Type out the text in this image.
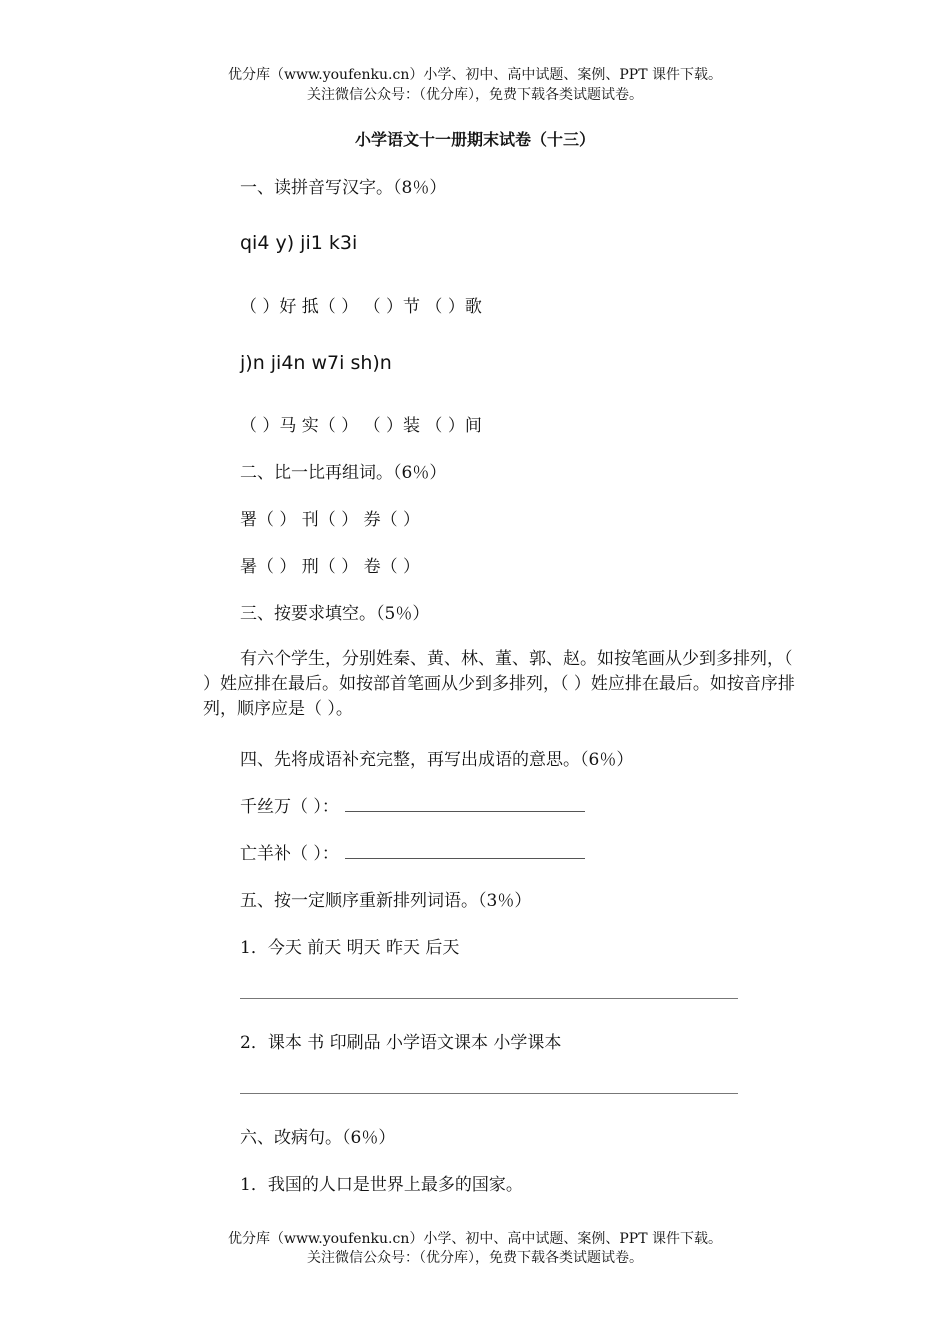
优分库（www.youfenku.cn）小学、初中、高中试题、案例、PPT 课件下载。
关注微信公众号：（优分库），免费下载各类试题试卷。
小学语文十一册期末试卷（十三）
一、读拼音写汉字。（8％）
qi4 y) ji1 k3i
（ ）好 抵（ ） （ ）节 （ ）歌
j)n ji4n w7i sh)n
（ ）马 实（ ） （ ）装 （ ）间
二、比一比再组词。（6％）
署（ ） 刊（ ） 券（ ）
暑（ ） 刑（ ） 卷（ ）
三、按要求填空。（5％）
有六个学生，分别姓秦、黄、林、董、郭、赵。如按笔画从少到多排列，（ ）姓应排在最后。如按部首笔画从少到多排列，（ ）姓应排在最后。如按音序排列，顺序应是（ ）。
四、先将成语补充完整，再写出成语的意思。（6％）
千丝万（ ）：
亡羊补（ ）：
五、按一定顺序重新排列词语。（3％）
1．今天 前天 明天 昨天 后天
2．课本 书 印刷品 小学语文课本 小学课本
六、改病句。（6％）
1．我国的人口是世界上最多的国家。
优分库（www.youfenku.cn）小学、初中、高中试题、案例、PPT 课件下载。
关注微信公众号：（优分库），免费下载各类试题试卷。
